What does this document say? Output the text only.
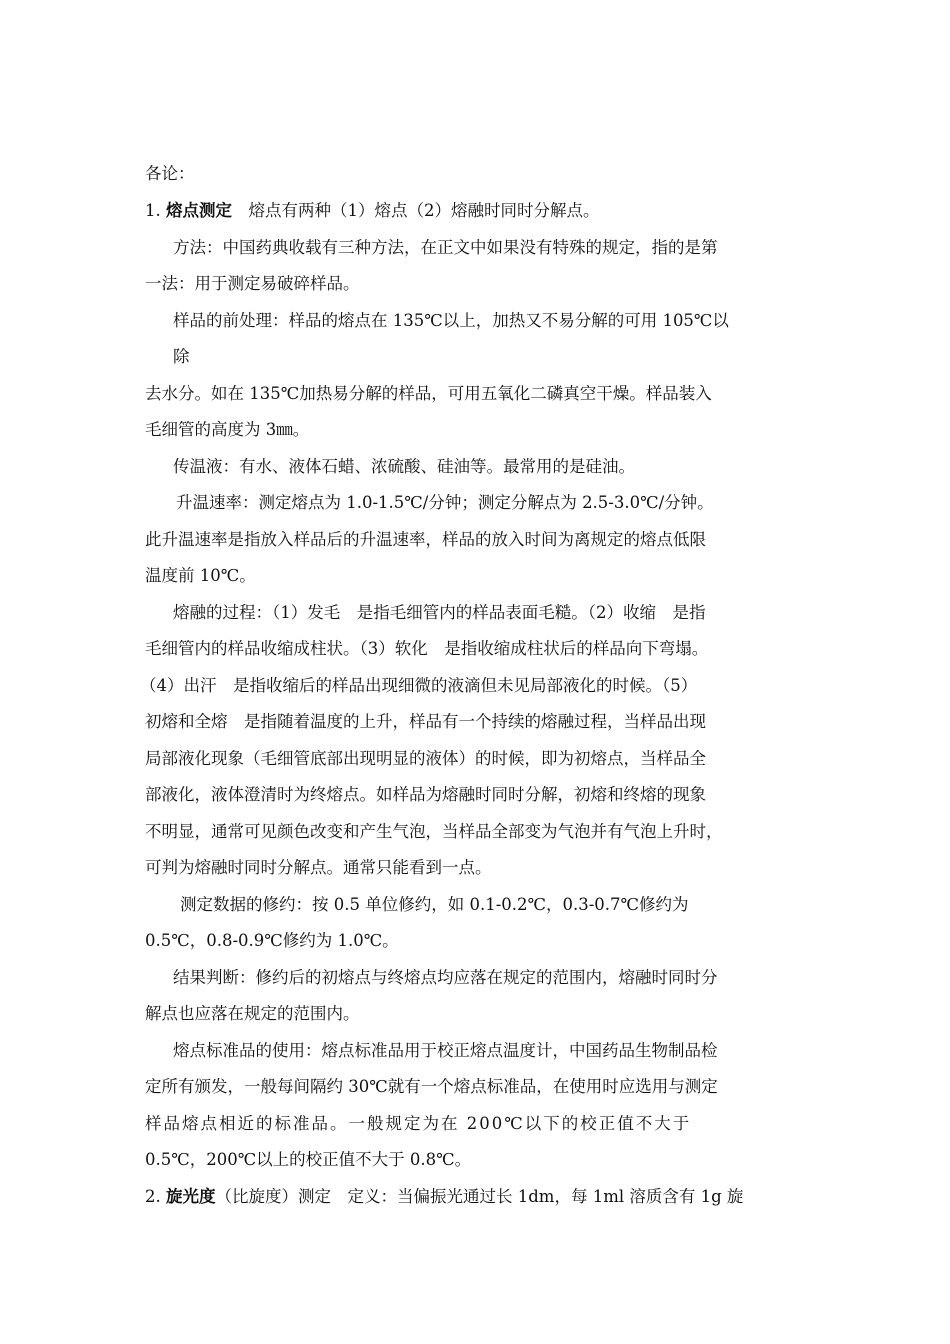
各论：
1. 熔点测定　 熔点有两种（1）熔点（2）熔融时同时分解点。
方法：中国药典收载有三种方法，在正文中如果没有特殊的规定，指的是第
一法：用于测定易破碎样品。
样品的前处理：样品的熔点在 135℃以上，加热又不易分解的可用 105℃以
除
去水分。如在 135℃加热易分解的样品，可用五氧化二磷真空干燥。样品装入
毛细管的高度为 3㎜。
传温液：有水、液体石蜡、浓硫酸、硅油等。最常用的是硅油。
升温速率：测定熔点为 1.0-1.5℃/分钟；测定分解点为 2.5-3.0℃/分钟。
此升温速率是指放入样品后的升温速率，样品的放入时间为离规定的熔点低限
温度前 10℃。
熔融的过程：（1）发毛　是指毛细管内的样品表面毛糙。（2）收缩　是指
毛细管内的样品收缩成柱状。（3）软化　是指收缩成柱状后的样品向下弯塌。
（4）出汗　是指收缩后的样品出现细微的液滴但未见局部液化的时候。（5）
初熔和全熔　是指随着温度的上升，样品有一个持续的熔融过程，当样品出现
局部液化现象（毛细管底部出现明显的液体）的时候，即为初熔点，当样品全
部液化，液体澄清时为终熔点。如样品为熔融时同时分解，初熔和终熔的现象
不明显，通常可见颜色改变和产生气泡，当样品全部变为气泡并有气泡上升时，
可判为熔融时同时分解点。通常只能看到一点。
测定数据的修约：按 0.5 单位修约，如 0.1-0.2℃，0.3-0.7℃修约为
0.5℃，0.8-0.9℃修约为 1.0℃。
结果判断：修约后的初熔点与终熔点均应落在规定的范围内，熔融时同时分
解点也应落在规定的范围内。
熔点标准品的使用：熔点标准品用于校正熔点温度计，中国药品生物制品检
定所有颁发，一般每间隔约 30℃就有一个熔点标准品，在使用时应选用与测定
样品熔点相近的标准品。一般规定为在 200℃以下的校正值不大于
0.5℃，200℃以上的校正值不大于 0.8℃。
2. 旋光度（比旋度）测定　定义：当偏振光通过长 1dm，每 1ml 溶质含有 1g 旋
